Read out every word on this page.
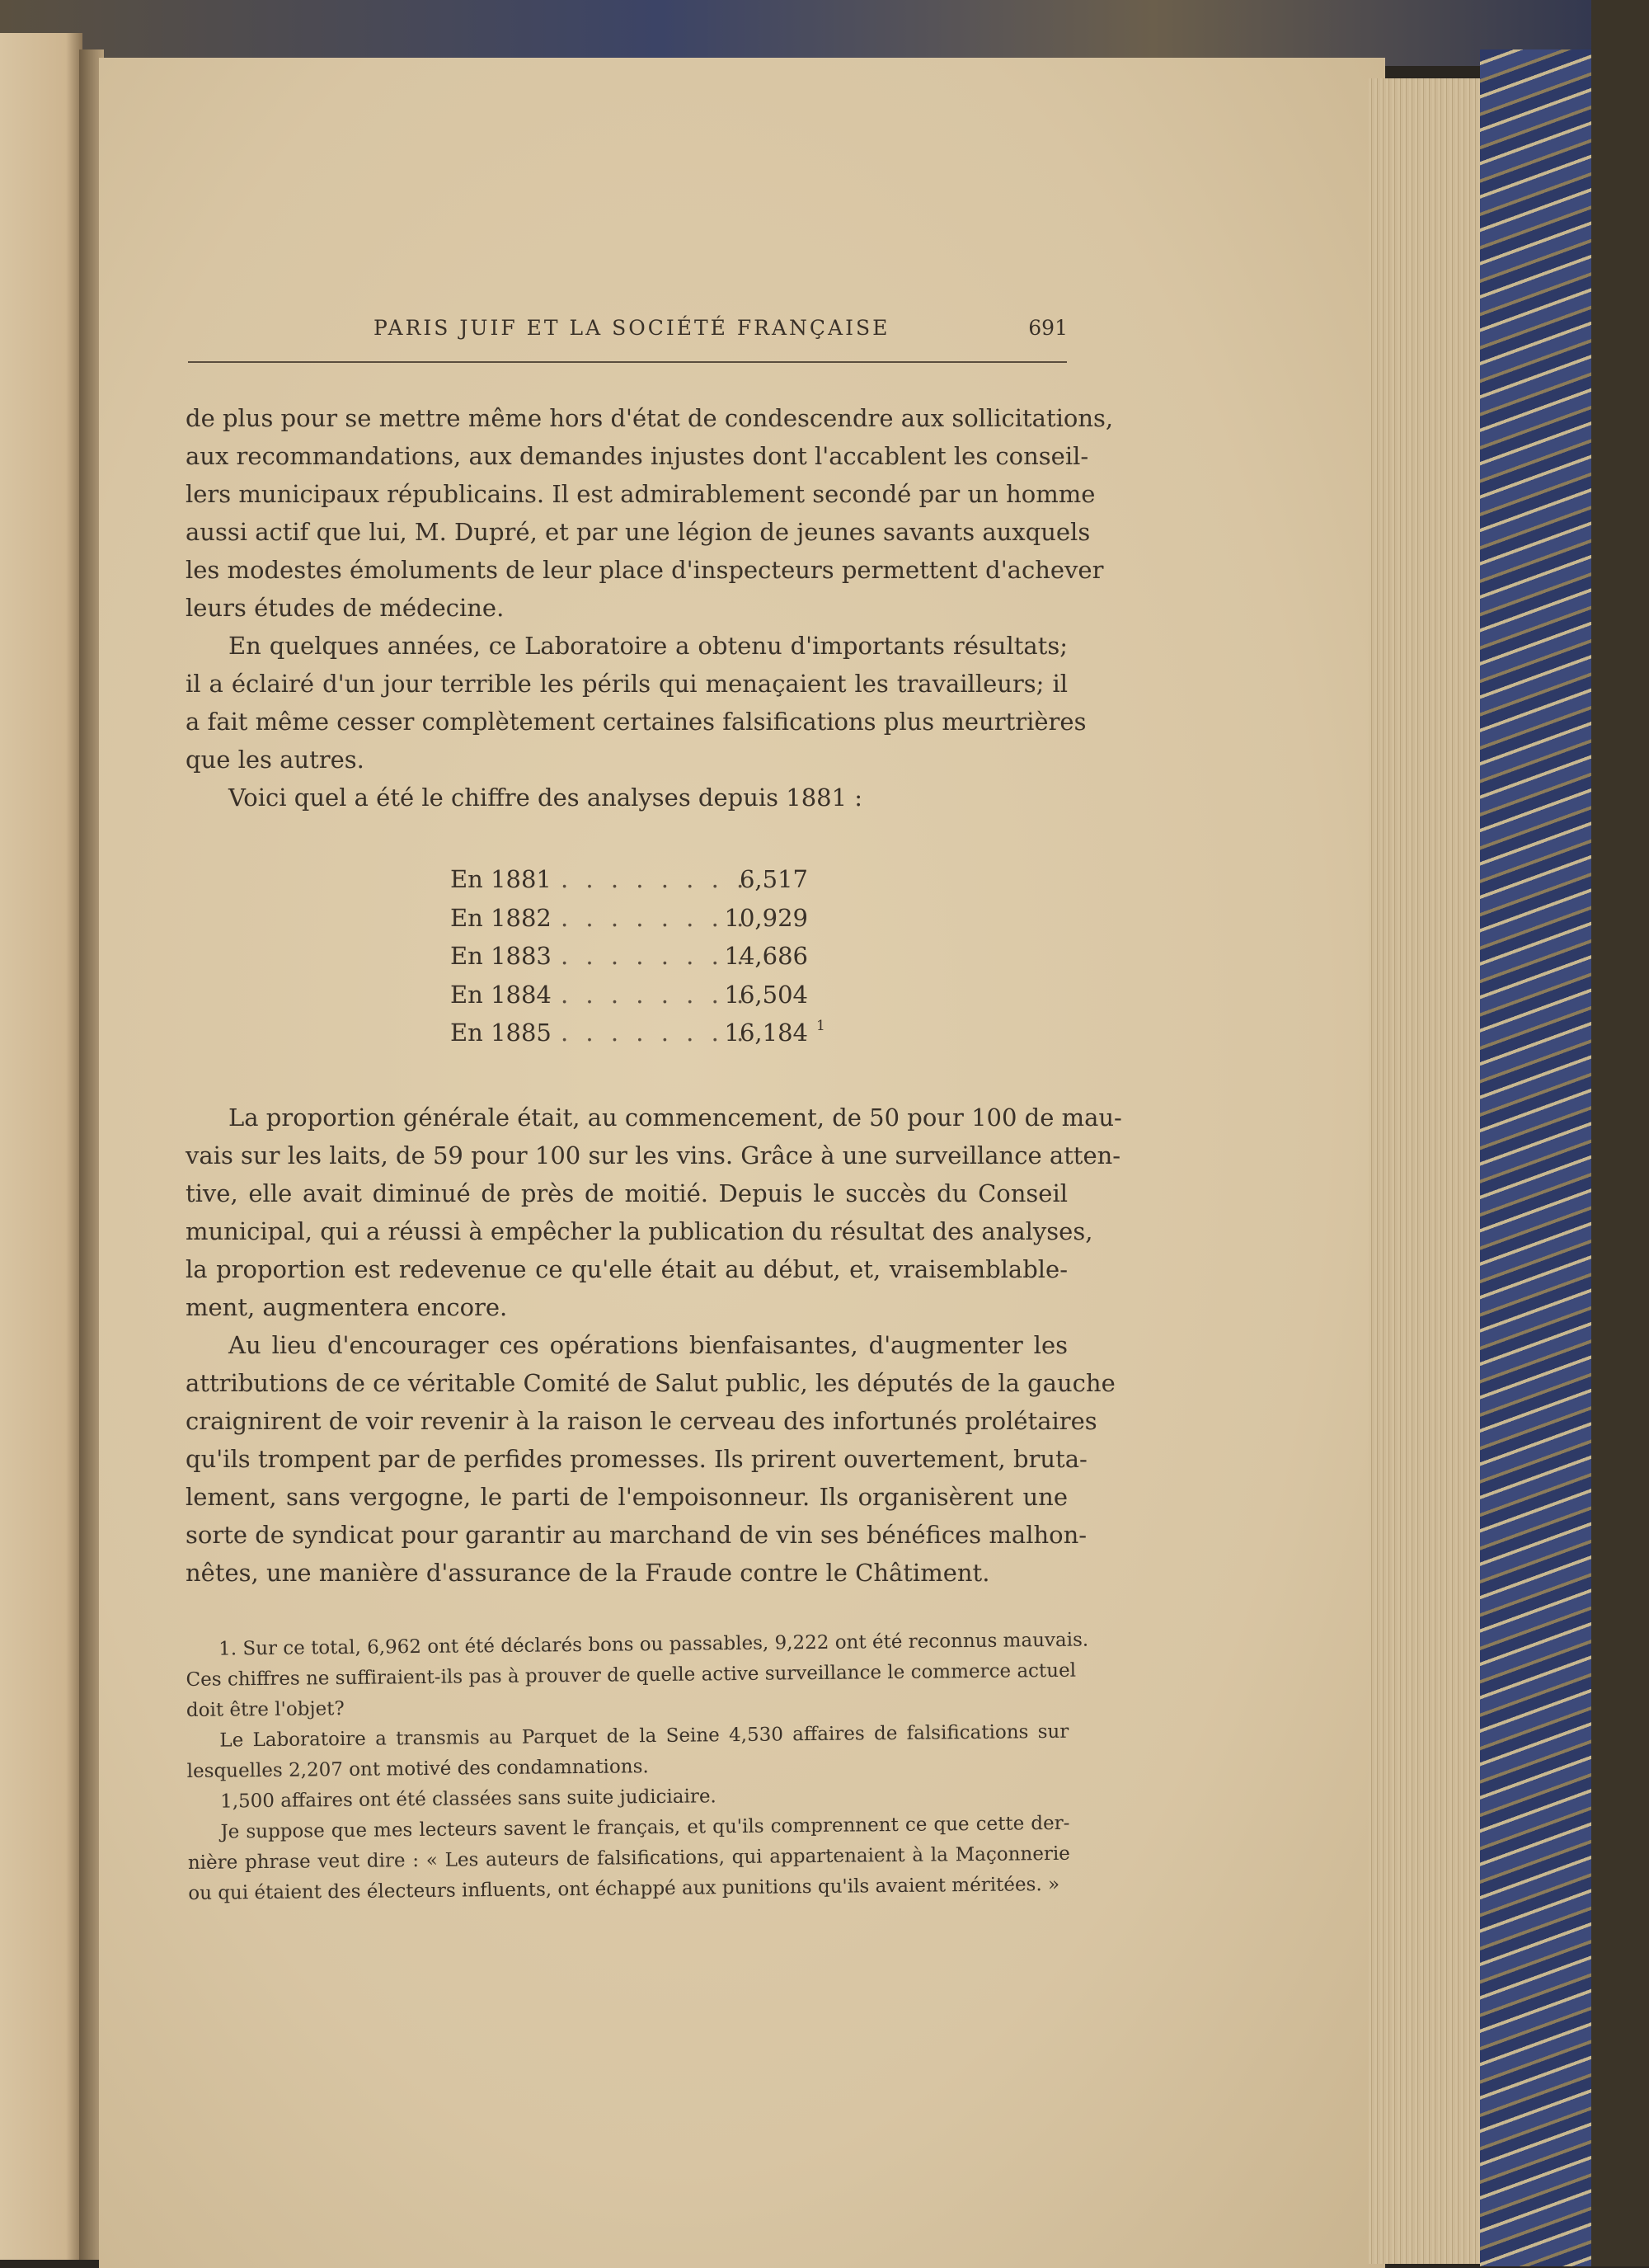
PARIS JUIF ET LA SOCIÉTÉ FRANÇAISE	691
de plus pour se mettre même hors d'état de condescendre aux sollicitations,
aux recommandations, aux demandes injustes dont l'accablent les conseil-
lers municipaux républicains. Il est admirablement secondé par un homme
aussi actif que lui, M. Dupré, et par une légion de jeunes savants auxquels
les modestes émoluments de leur place d'inspecteurs permettent d'achever
leurs études de médecine.
En quelques années, ce Laboratoire a obtenu d'importants résultats;
il a éclairé d'un jour terrible les périls qui menaçaient les travailleurs; il
a fait même cesser complètement certaines falsifications plus meurtrières
que les autres.
Voici quel a été le chiffre des analyses depuis 1881 :
En 1881 . . . . . . . .
6,517
En 1882 . . . . . . . .
10,929
En 1883 . . . . . . . .
14,686
En 1884 . . . . . . . .
16,504
En 1885 . . . . . . . .
16,184 1
La proportion générale était, au commencement, de 50 pour 100 de mau-
vais sur les laits, de 59 pour 100 sur les vins. Grâce à une surveillance atten-
tive, elle avait diminué de près de moitié. Depuis le succès du Conseil
municipal, qui a réussi à empêcher la publication du résultat des analyses,
la proportion est redevenue ce qu'elle était au début, et, vraisemblable-
ment, augmentera encore.
Au lieu d'encourager ces opérations bienfaisantes, d'augmenter les
attributions de ce véritable Comité de Salut public, les députés de la gauche
craignirent de voir revenir à la raison le cerveau des infortunés prolétaires
qu'ils trompent par de perfides promesses. Ils prirent ouvertement, bruta-
lement, sans vergogne, le parti de l'empoisonneur. Ils organisèrent une
sorte de syndicat pour garantir au marchand de vin ses bénéfices malhon-
nêtes, une manière d'assurance de la Fraude contre le Châtiment.
1. Sur ce total, 6,962 ont été déclarés bons ou passables, 9,222 ont été reconnus mauvais.
Ces chiffres ne suffiraient-ils pas à prouver de quelle active surveillance le commerce actuel
doit être l'objet?
Le Laboratoire a transmis au Parquet de la Seine 4,530 affaires de falsifications sur
lesquelles 2,207 ont motivé des condamnations.
1,500 affaires ont été classées sans suite judiciaire.
Je suppose que mes lecteurs savent le français, et qu'ils comprennent ce que cette der-
nière phrase veut dire : « Les auteurs de falsifications, qui appartenaient à la Maçonnerie
ou qui étaient des électeurs influents, ont échappé aux punitions qu'ils avaient méritées. »
